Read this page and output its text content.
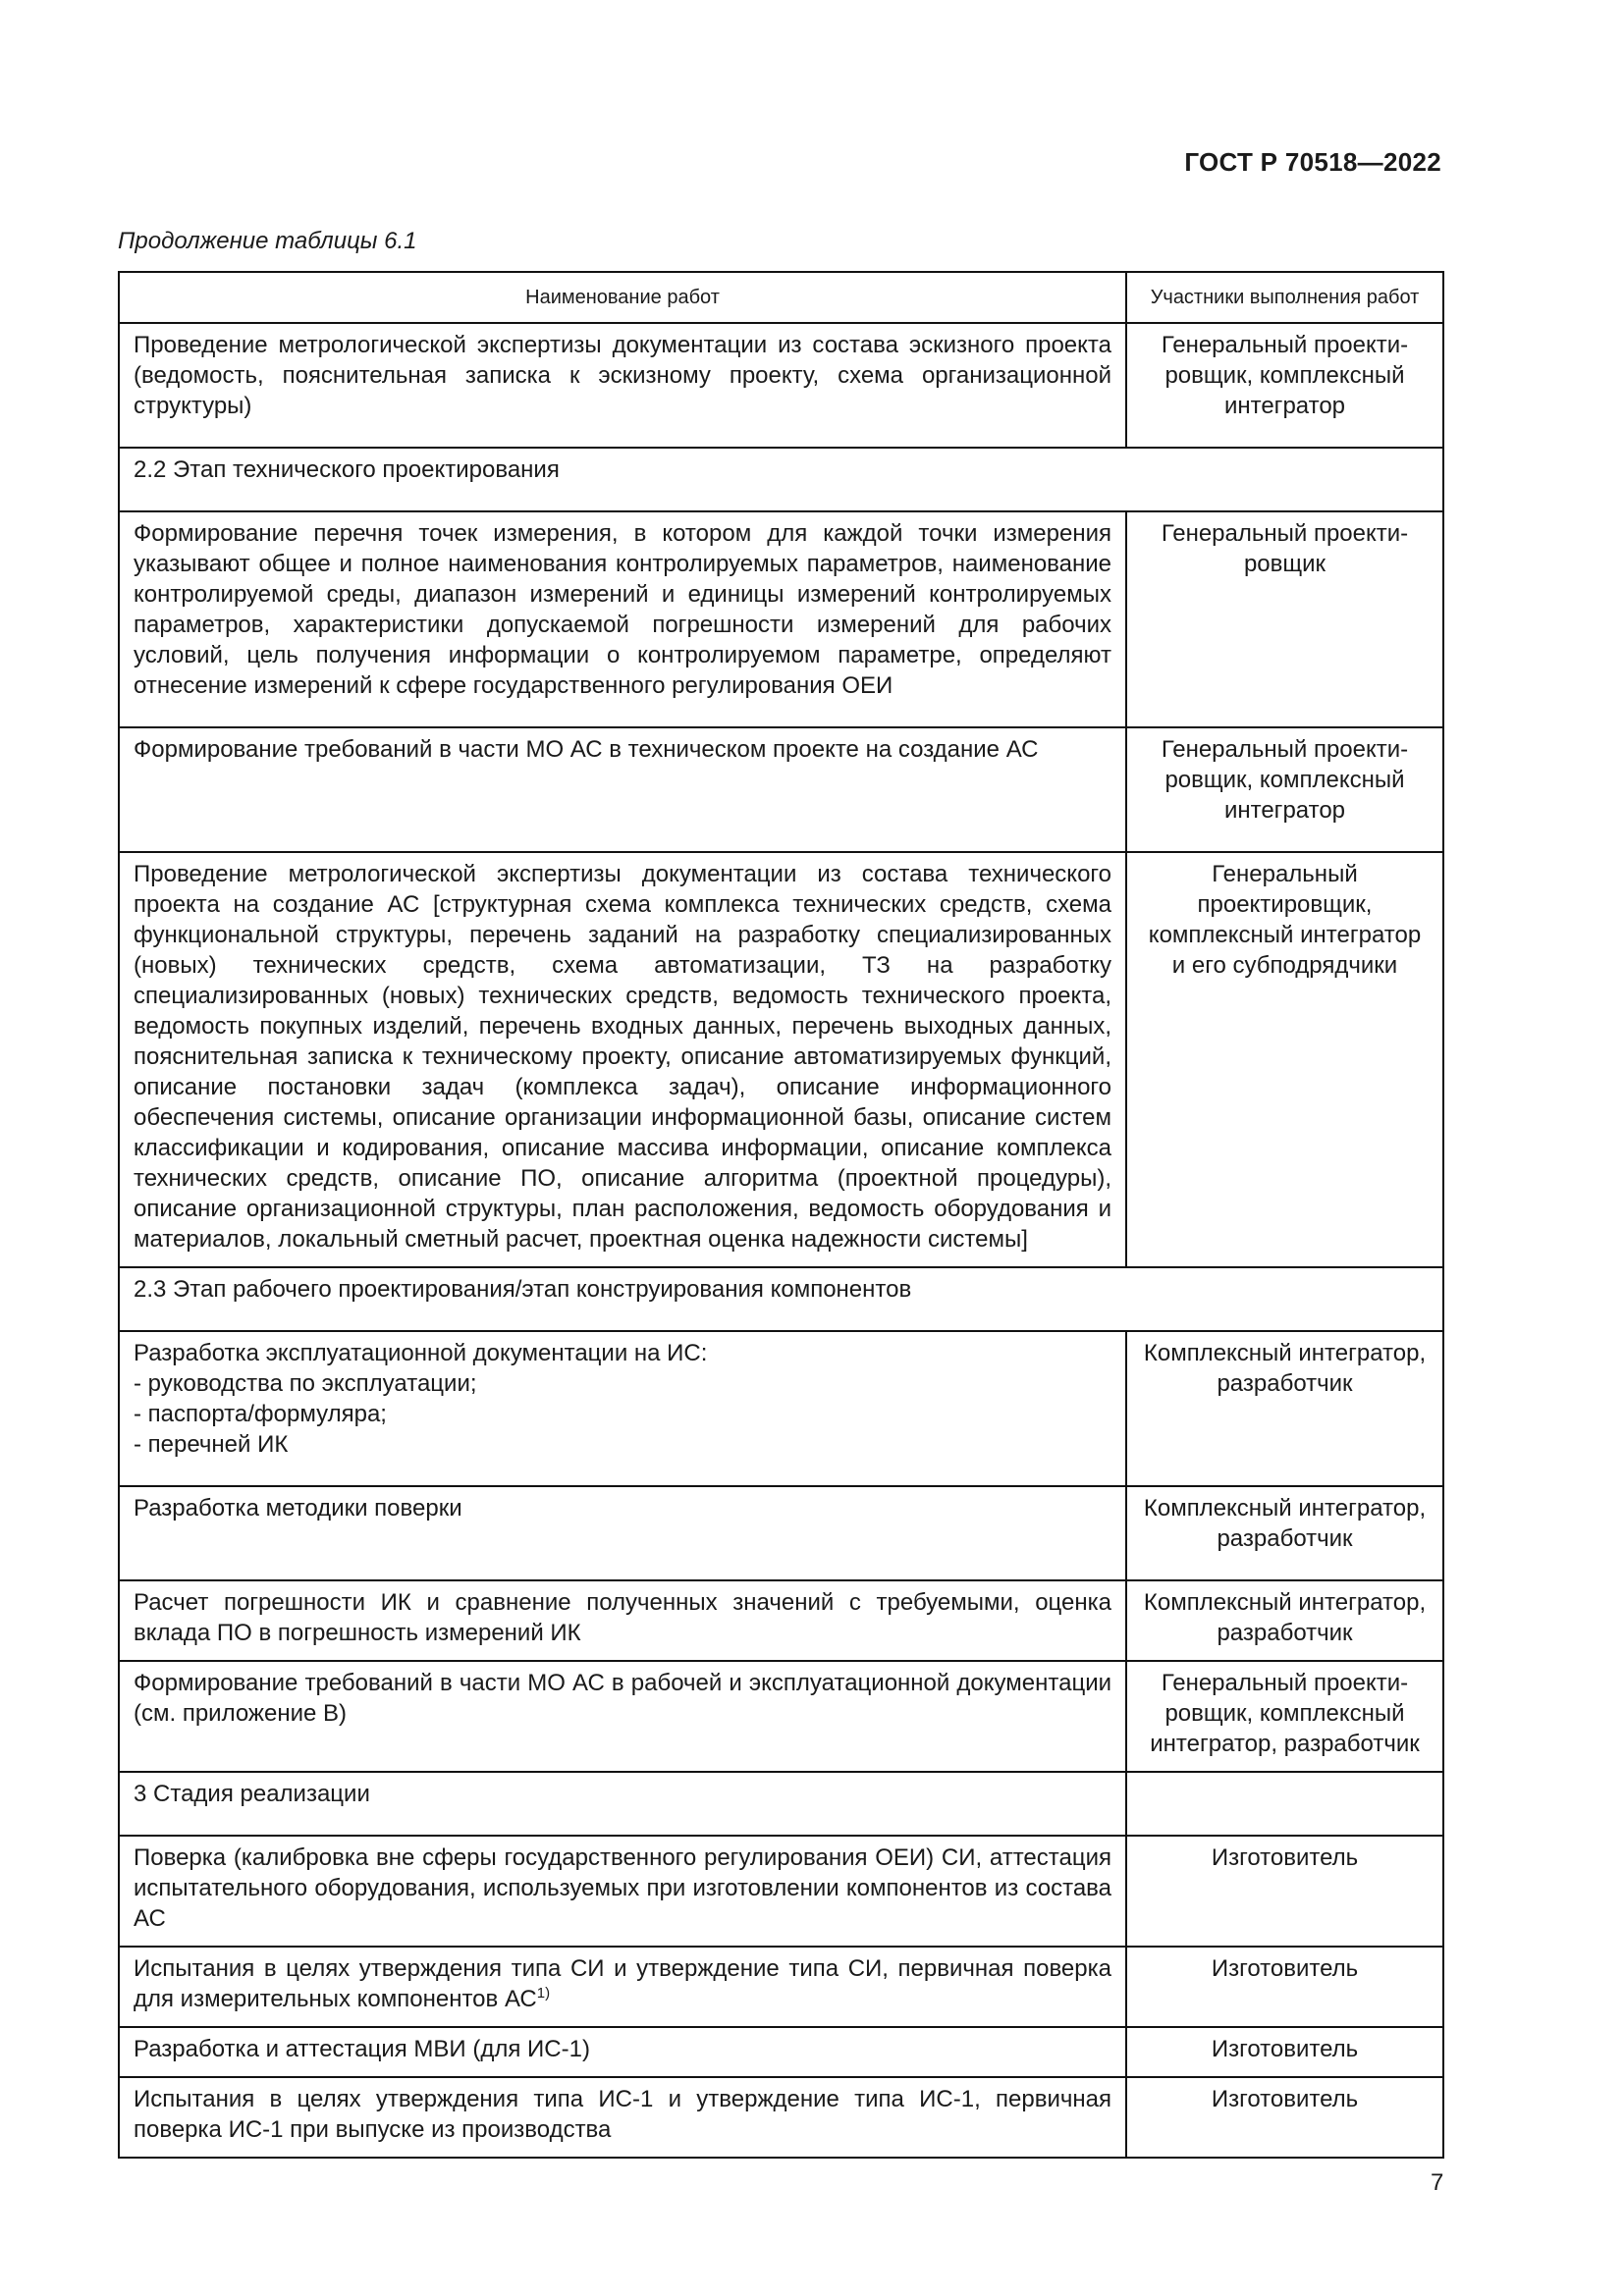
ГОСТ Р 70518—2022
Продолжение таблицы 6.1
Наименование работ	Участники выполнения работ
Проведение метрологической экспертизы документации из состава эскизного проекта (ведомость, пояснительная записка к эскизному проекту, схема организационной структуры)	Генеральный проектировщик, комплексный интегратор
2.2 Этап технического проектирования	
Формирование перечня точек измерения, в котором для каждой точки измерения указывают общее и полное наименования контролируемых параметров, наименование контролируемой среды, диапазон измерений и единицы измерений контролируемых параметров, характеристики допускаемой погрешности измерений для рабочих условий, цель получения информации о контролируемом параметре, определяют отнесение измерений к сфере государственного регулирования ОЕИ	Генеральный проектировщик
Формирование требований в части МО АС в техническом проекте на создание АС	Генеральный проектировщик, комплексный интегратор
Проведение метрологической экспертизы документации из состава технического проекта на создание АС [структурная схема комплекса технических средств, схема функциональной структуры, перечень заданий на разработку специализированных (новых) технических средств, схема автоматизации, ТЗ на разработку специализированных (новых) технических средств, ведомость технического проекта, ведомость покупных изделий, перечень входных данных, перечень выходных данных, пояснительная записка к техническому проекту, описание автоматизируемых функций, описание постановки задач (комплекса задач), описание информационного обеспечения системы, описание организации информационной базы, описание систем классификации и кодирования, описание массива информации, описание комплекса технических средств, описание ПО, описание алгоритма (проектной процедуры), описание организационной структуры, план расположения, ведомость оборудования и материалов, локальный сметный расчет, проектная оценка надежности системы]	Генеральный проектировщик, комплексный интегратор и его субподрядчики
2.3 Этап рабочего проектирования/этап конструирования компонентов	

Разработка эксплуатационной документации на ИС:
- руководства по эксплуатации;
- паспорта/формуляра;
- перечней ИК	Комплексный интегратор, разработчик
Разработка методики поверки	Комплексный интегратор, разработчик
Расчет погрешности ИК и сравнение полученных значений с требуемыми, оценка вклада ПО в погрешность измерений ИК	Комплексный интегратор, разработчик
Формирование требований в части МО АС в рабочей и эксплуатационной документации (см. приложение В)	Генеральный проектировщик, комплексный интегратор, разработчик
3 Стадия реализации	
Поверка (калибровка вне сферы государственного регулирования ОЕИ) СИ, аттестация испытательного оборудования, используемых при изготовлении компонентов из состава АС	Изготовитель
Испытания в целях утверждения типа СИ и утверждение типа СИ, первичная поверка для измерительных компонентов АС$^{1)}$	Изготовитель
Разработка и аттестация МВИ (для ИС-1)	Изготовитель
Испытания в целях утверждения типа ИС-1 и утверждение типа ИС-1, первичная поверка ИС-1 при выпуске из производства	Изготовитель
7
